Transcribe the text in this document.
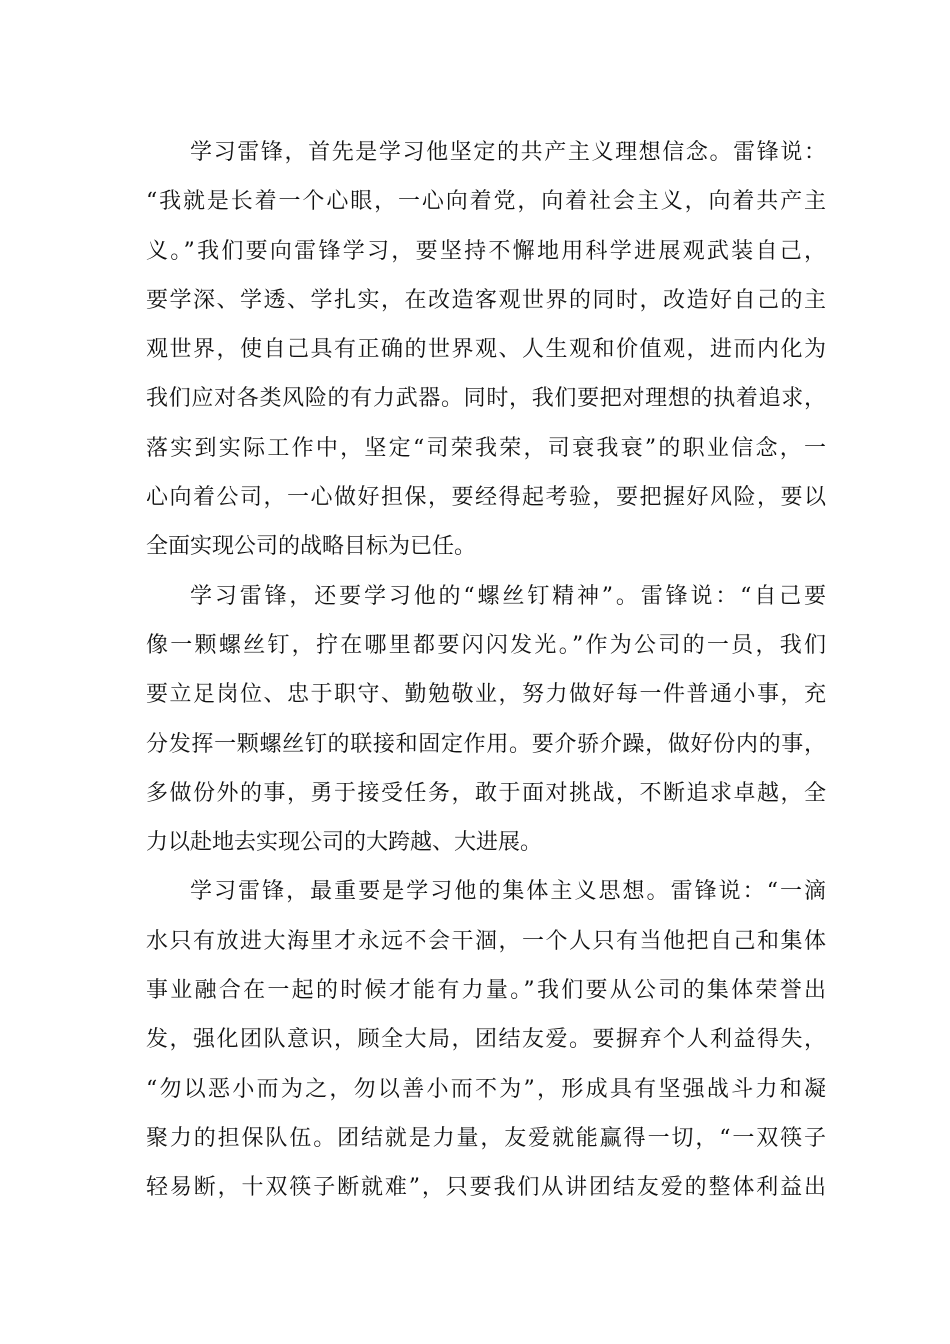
学习雷锋，首先是学习他坚定的共产主义理想信念。雷锋说：
“我就是长着一个心眼，一心向着党，向着社会主义，向着共产主
义。”我们要向雷锋学习，要坚持不懈地用科学进展观武装自己，
要学深、学透、学扎实，在改造客观世界的同时，改造好自己的主
观世界，使自己具有正确的世界观、人生观和价值观，进而内化为
我们应对各类风险的有力武器。同时，我们要把对理想的执着追求，
落实到实际工作中，坚定“司荣我荣，司衰我衰”的职业信念，一
心向着公司，一心做好担保，要经得起考验，要把握好风险，要以
全面实现公司的战略目标为已任。
学习雷锋，还要学习他的“螺丝钉精神”。雷锋说：“自己要
像一颗螺丝钉，拧在哪里都要闪闪发光。”作为公司的一员，我们
要立足岗位、忠于职守、勤勉敬业，努力做好每一件普通小事，充
分发挥一颗螺丝钉的联接和固定作用。要介骄介躁，做好份内的事，
多做份外的事，勇于接受任务，敢于面对挑战，不断追求卓越，全
力以赴地去实现公司的大跨越、大进展。
学习雷锋，最重要是学习他的集体主义思想。雷锋说：“一滴
水只有放进大海里才永远不会干涸，一个人只有当他把自己和集体
事业融合在一起的时候才能有力量。”我们要从公司的集体荣誉出
发，强化团队意识，顾全大局，团结友爱。要摒弃个人利益得失，
“勿以恶小而为之，勿以善小而不为”，形成具有坚强战斗力和凝
聚力的担保队伍。团结就是力量，友爱就能赢得一切，“一双筷子
轻易断，十双筷子断就难”，只要我们从讲团结友爱的整体利益出
